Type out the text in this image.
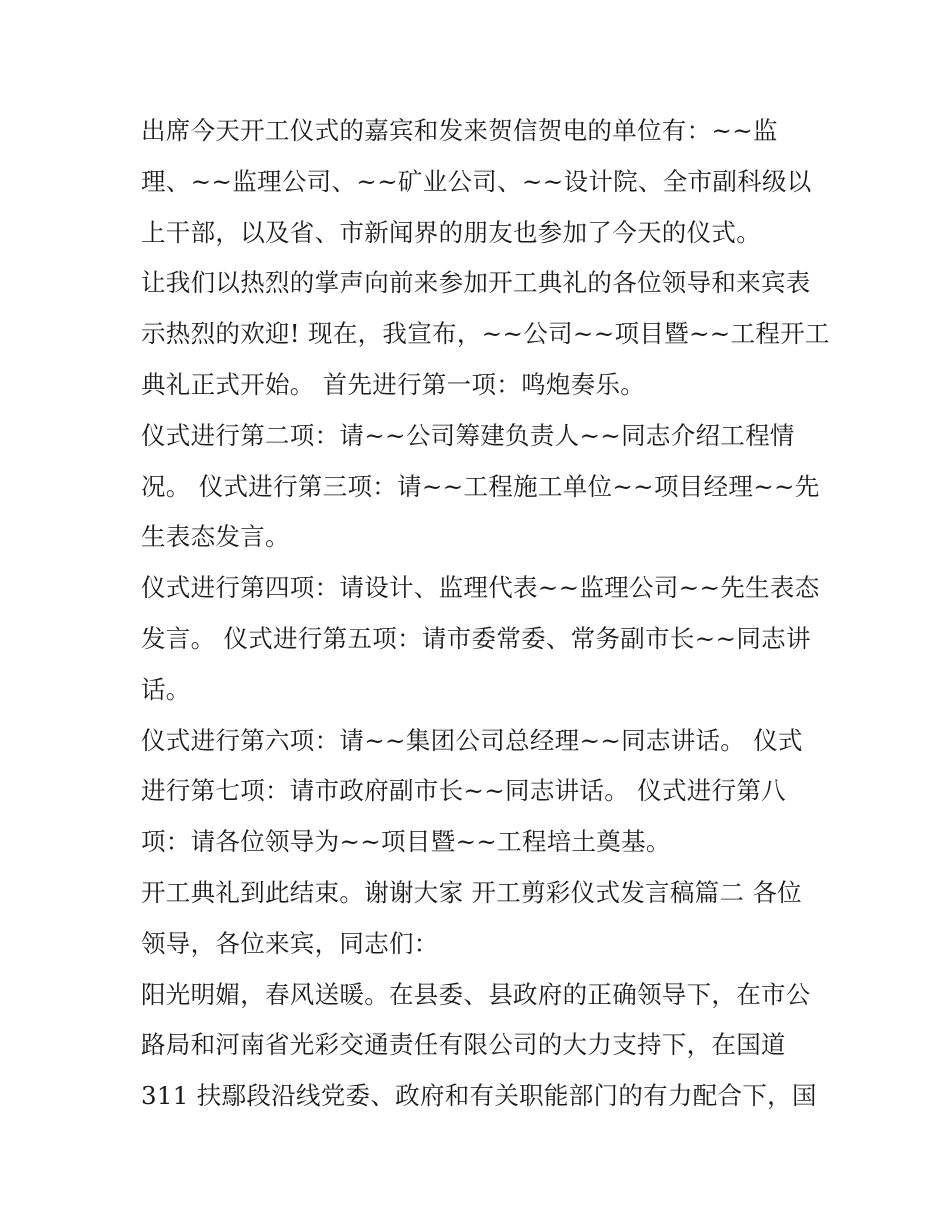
出席今天开工仪式的嘉宾和发来贺信贺电的单位有：~~监
理、~~监理公司、~~矿业公司、~~设计院、全市副科级以
上干部，以及省、市新闻界的朋友也参加了今天的仪式。
让我们以热烈的掌声向前来参加开工典礼的各位领导和来宾表
示热烈的欢迎! 现在，我宣布，~~公司~~项目暨~~工程开工
典礼正式开始。 首先进行第一项：鸣炮奏乐。
仪式进行第二项：请~~公司筹建负责人~~同志介绍工程情
况。 仪式进行第三项：请~~工程施工单位~~项目经理~~先
生表态发言。
仪式进行第四项：请设计、监理代表~~监理公司~~先生表态
发言。 仪式进行第五项：请市委常委、常务副市长~~同志讲
话。
仪式进行第六项：请~~集团公司总经理~~同志讲话。 仪式
进行第七项：请市政府副市长~~同志讲话。 仪式进行第八
项：请各位领导为~~项目暨~~工程培土奠基。
开工典礼到此结束。谢谢大家 开工剪彩仪式发言稿篇二 各位
领导，各位来宾，同志们：
阳光明媚，春风送暖。在县委、县政府的正确领导下，在市公
路局和河南省光彩交通责任有限公司的大力支持下，在国道
311 扶鄢段沿线党委、政府和有关职能部门的有力配合下，国
